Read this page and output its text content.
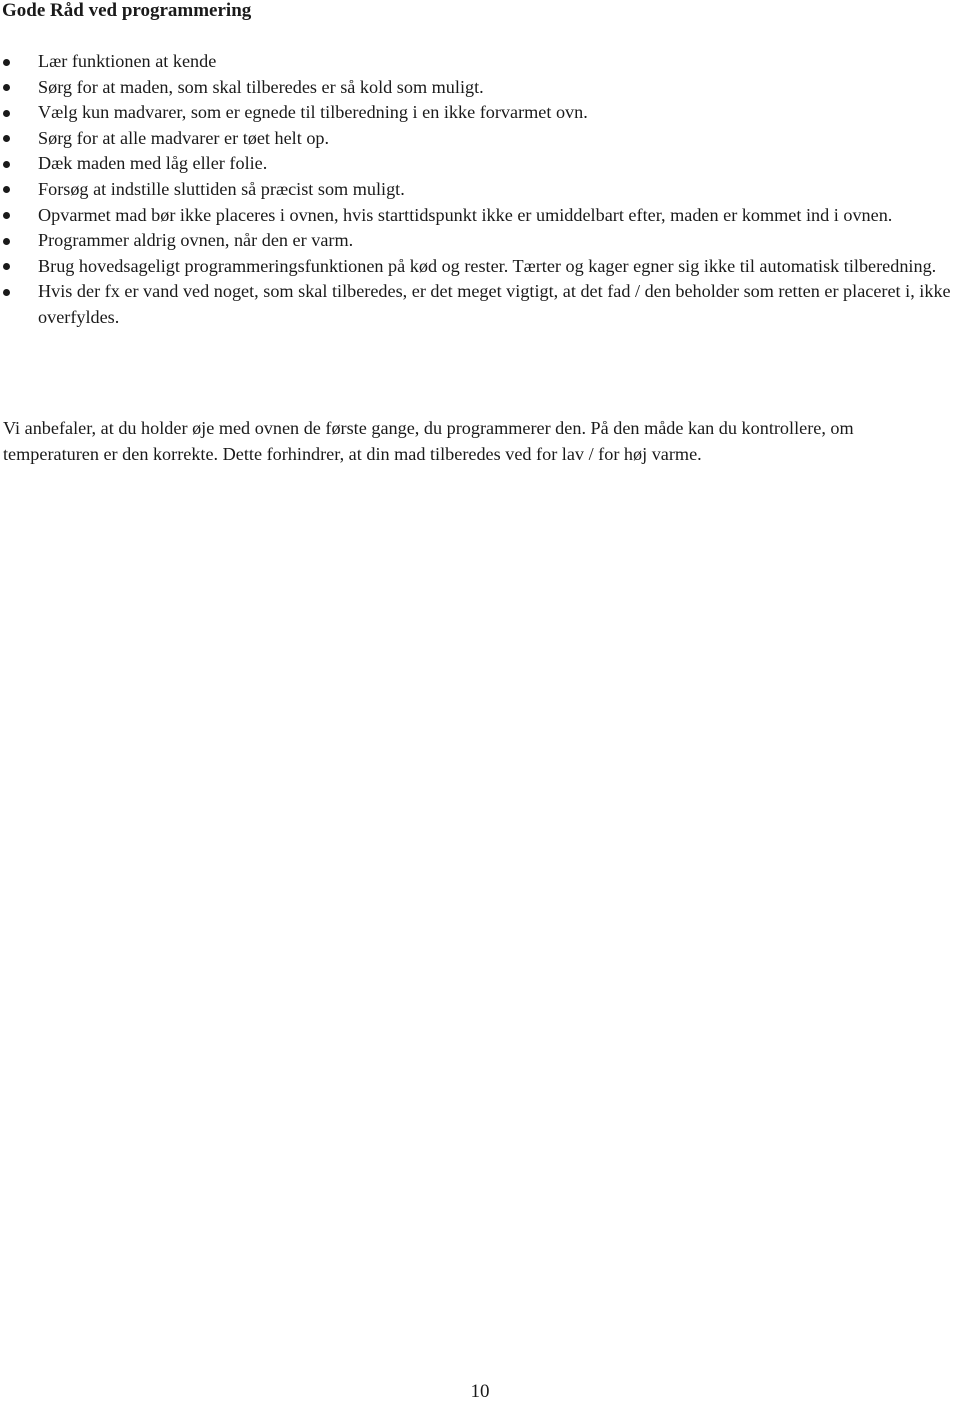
Gode Råd ved programmering
Lær funktionen at kende
Sørg for at maden, som skal tilberedes er så kold som muligt.
Vælg kun madvarer, som er egnede til tilberedning i en ikke forvarmet ovn.
Sørg for at alle madvarer er tøet helt op.
Dæk maden med låg eller folie.
Forsøg at indstille sluttiden så præcist som muligt.
Opvarmet mad bør ikke placeres i ovnen, hvis starttidspunkt ikke er umiddelbart efter, maden er kommet ind i ovnen.
Programmer aldrig ovnen, når den er varm.
Brug hovedsageligt programmeringsfunktionen på kød og rester. Tærter og kager egner sig ikke til automatisk tilberedning.
Hvis der fx er vand ved noget, som skal tilberedes, er det meget vigtigt, at det fad / den beholder som retten er placeret i, ikke overfyldes.

Vi anbefaler, at du holder øje med ovnen de første gange, du programmerer den. På den måde kan du kontrollere, om temperaturen er den korrekte. Dette forhindrer, at din mad tilberedes ved for lav / for høj varme.

10
